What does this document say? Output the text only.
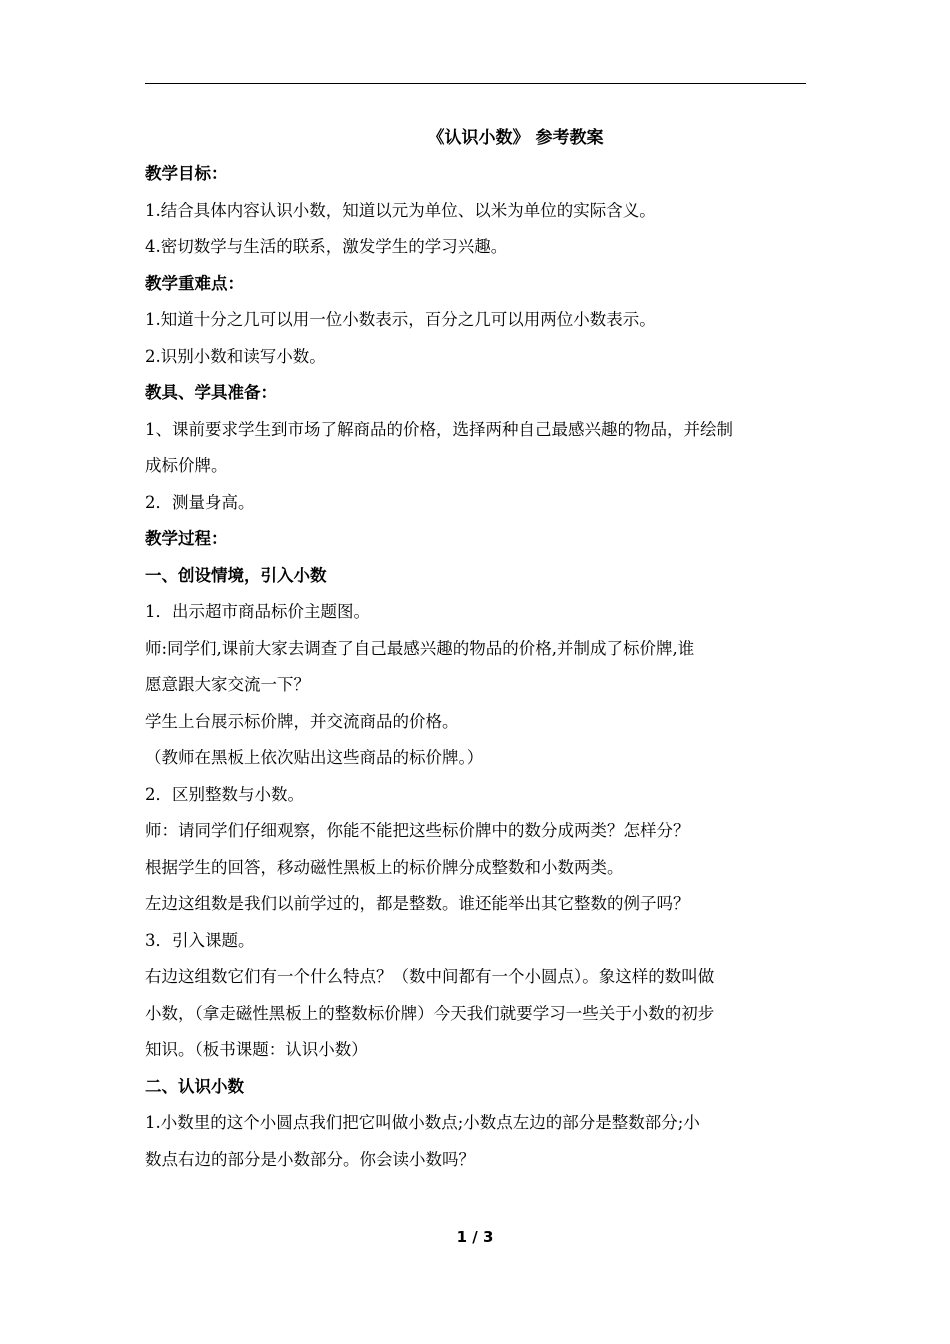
《认识小数》 参考教案
教学目标：
1.结合具体内容认识小数，知道以元为单位、以米为单位的实际含义。
4.密切数学与生活的联系，激发学生的学习兴趣。
教学重难点：
1.知道十分之几可以用一位小数表示，百分之几可以用两位小数表示。
2.识别小数和读写小数。
教具、学具准备：
1、课前要求学生到市场了解商品的价格，选择两种自己最感兴趣的物品，并绘制
成标价牌。
2．测量身高。
教学过程：
一、创设情境，引入小数
1．出示超市商品标价主题图。
师:同学们,课前大家去调查了自己最感兴趣的物品的价格,并制成了标价牌,谁
愿意跟大家交流一下？
学生上台展示标价牌，并交流商品的价格。
（教师在黑板上依次贴出这些商品的标价牌。）
2．区别整数与小数。
师：请同学们仔细观察，你能不能把这些标价牌中的数分成两类？怎样分？
根据学生的回答，移动磁性黑板上的标价牌分成整数和小数两类。
左边这组数是我们以前学过的，都是整数。谁还能举出其它整数的例子吗？
3．引入课题。
右边这组数它们有一个什么特点？（数中间都有一个小圆点）。象这样的数叫做
小数，（拿走磁性黑板上的整数标价牌）今天我们就要学习一些关于小数的初步
知识。（板书课题：认识小数）
二、认识小数
1.小数里的这个小圆点我们把它叫做小数点;小数点左边的部分是整数部分;小
数点右边的部分是小数部分。你会读小数吗？
1 / 3
